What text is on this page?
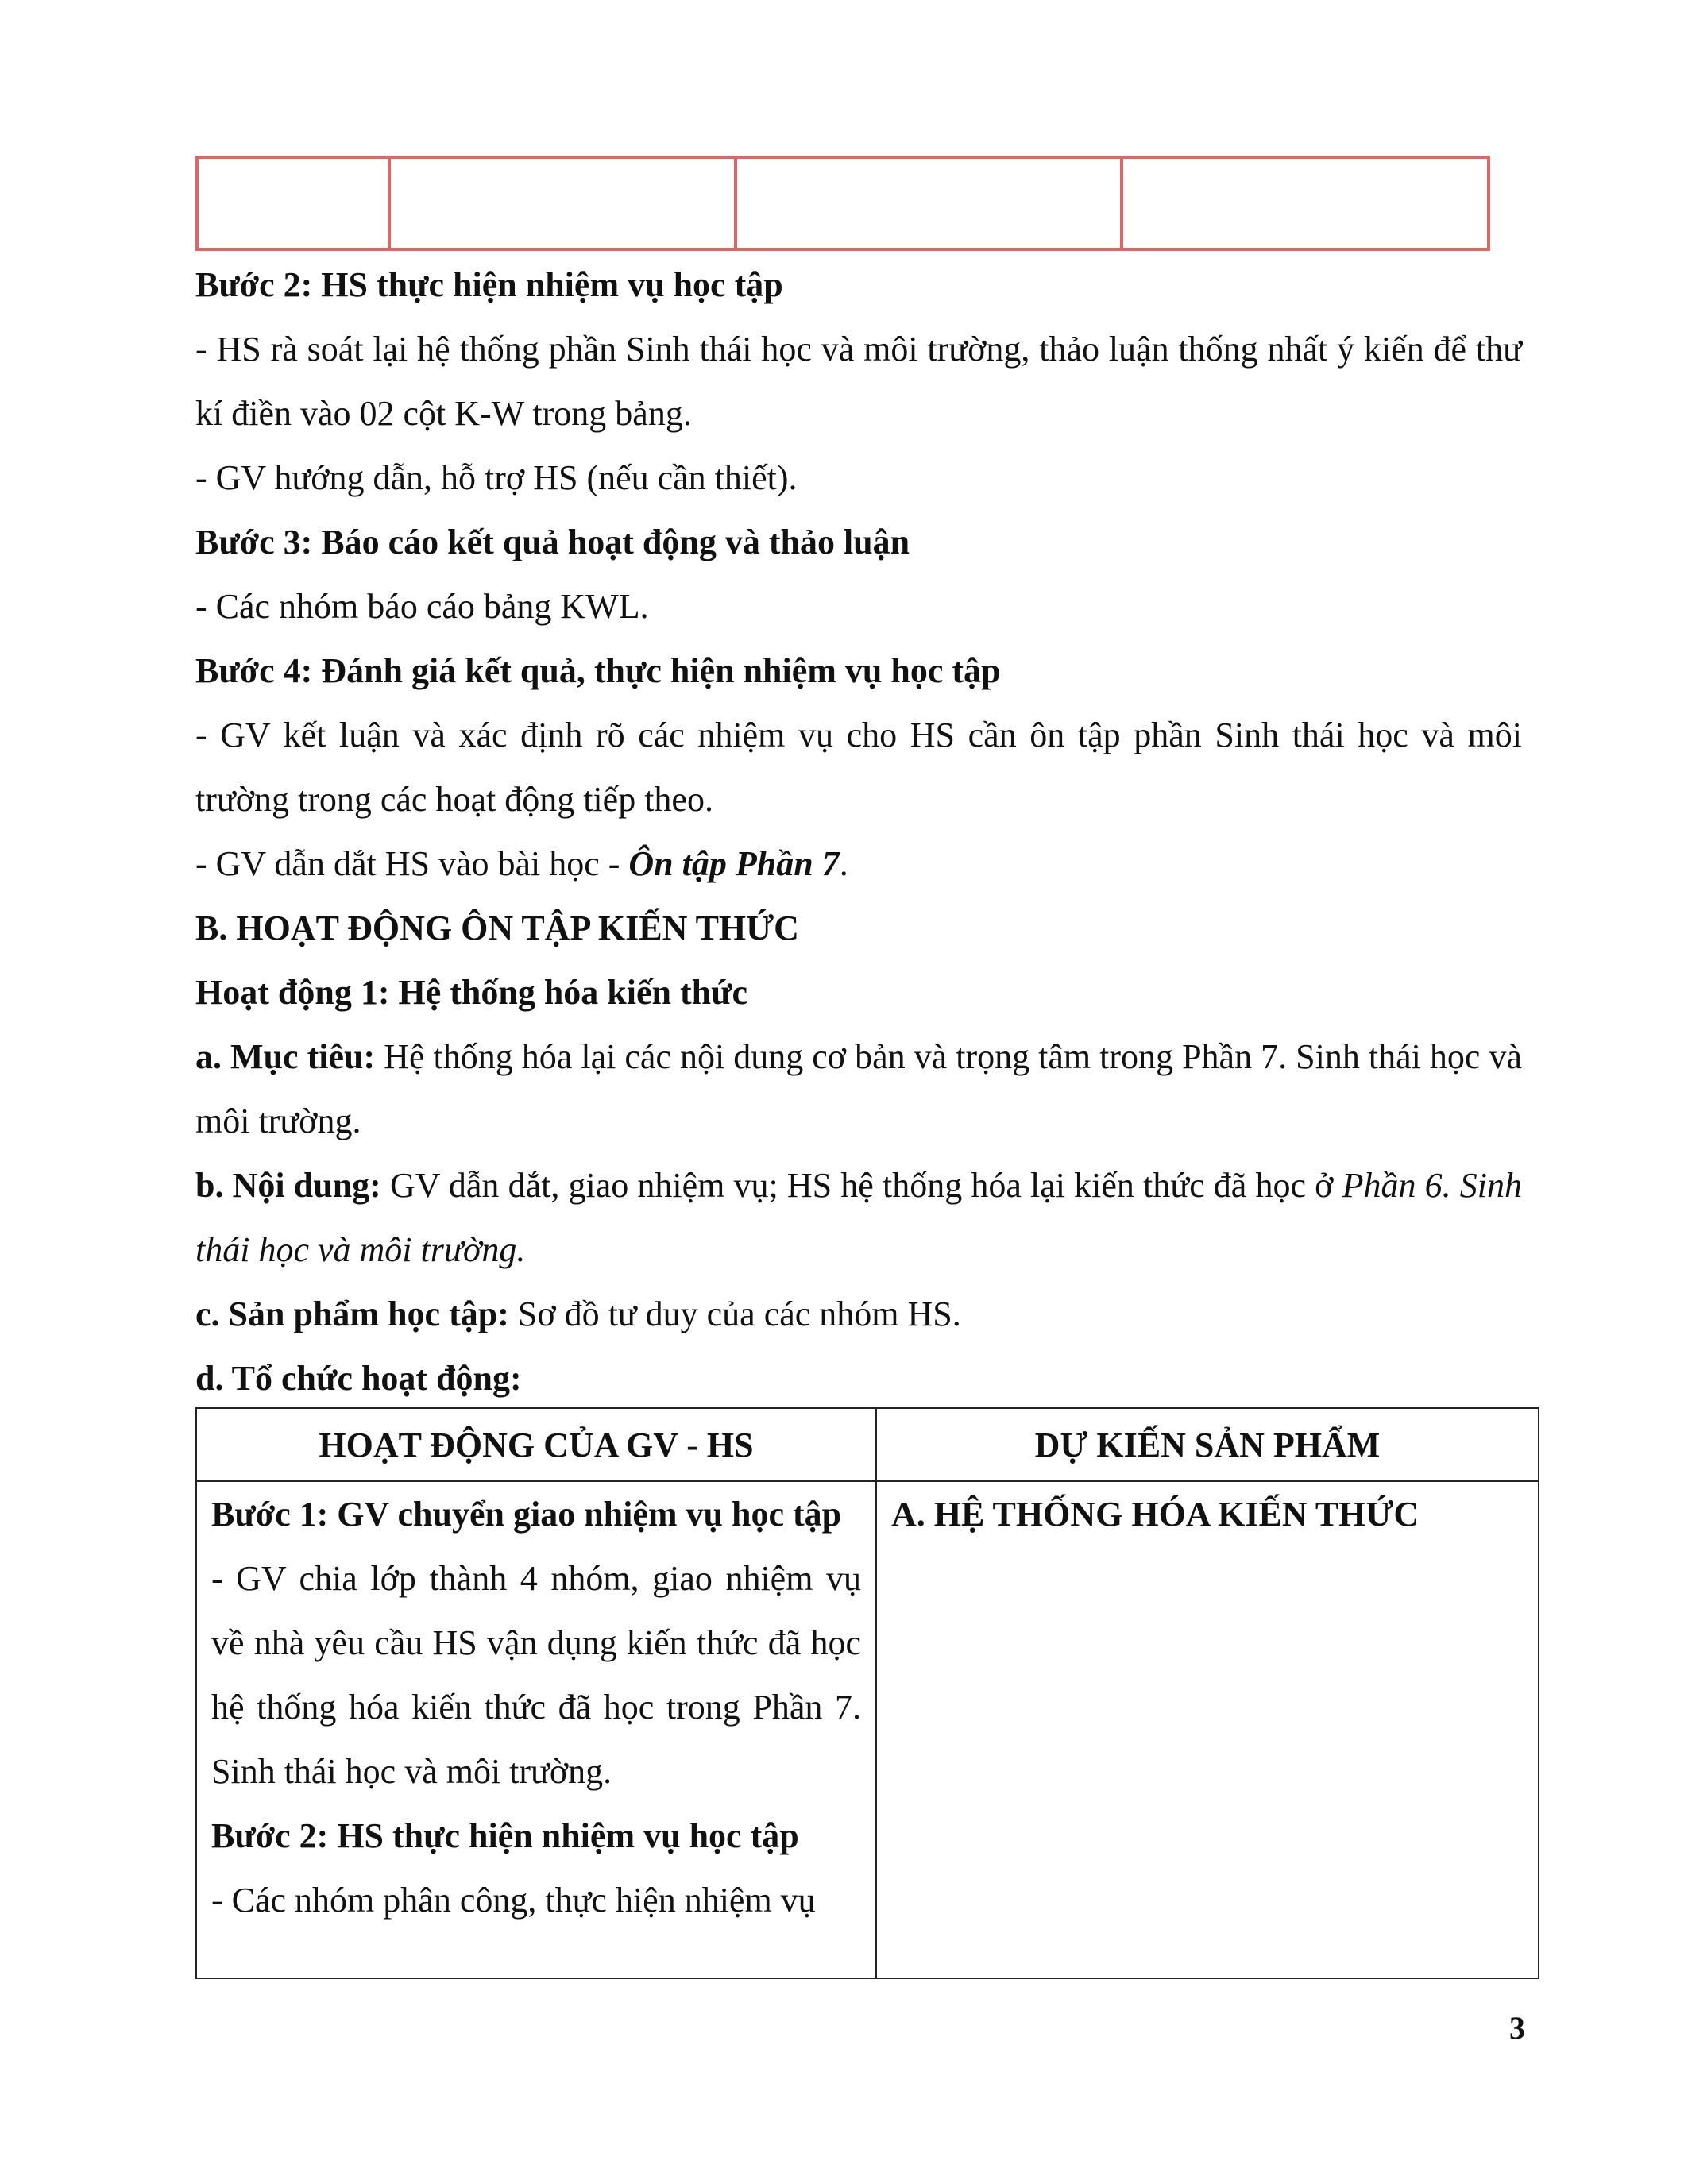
Bước 2: HS thực hiện nhiệm vụ học tập

- HS rà soát lại hệ thống phần Sinh thái học và môi trường, thảo luận thống nhất ý kiến để thư kí điền vào 02 cột K-W trong bảng.

- GV hướng dẫn, hỗ trợ HS (nếu cần thiết).

Bước 3: Báo cáo kết quả hoạt động và thảo luận

- Các nhóm báo cáo bảng KWL.

Bước 4: Đánh giá kết quả, thực hiện nhiệm vụ học tập

- GV kết luận và xác định rõ các nhiệm vụ cho HS cần ôn tập phần Sinh thái học và môi trường trong các hoạt động tiếp theo.

- GV dẫn dắt HS vào bài học - Ôn tập Phần 7.

B. HOẠT ĐỘNG ÔN TẬP KIẾN THỨC

Hoạt động 1: Hệ thống hóa kiến thức

a. Mục tiêu: Hệ thống hóa lại các nội dung cơ bản và trọng tâm trong Phần 7. Sinh thái học và môi trường.

b. Nội dung: GV dẫn dắt, giao nhiệm vụ; HS hệ thống hóa lại kiến thức đã học ở Phần 6. Sinh thái học và môi trường.

c. Sản phẩm học tập: Sơ đồ tư duy của các nhóm HS.

d. Tổ chức hoạt động:

HOẠT ĐỘNG CỦA GV - HS	DỰ KIẾN SẢN PHẨM

Bước 1: GV chuyển giao nhiệm vụ học tập

- GV chia lớp thành 4 nhóm, giao nhiệm vụ về nhà yêu cầu HS vận dụng kiến thức đã học hệ thống hóa kiến thức đã học trong Phần 7. Sinh thái học và môi trường.

Bước 2: HS thực hiện nhiệm vụ học tập

- Các nhóm phân công, thực hiện nhiệm vụ	A. HỆ THỐNG HÓA KIẾN THỨC

3
